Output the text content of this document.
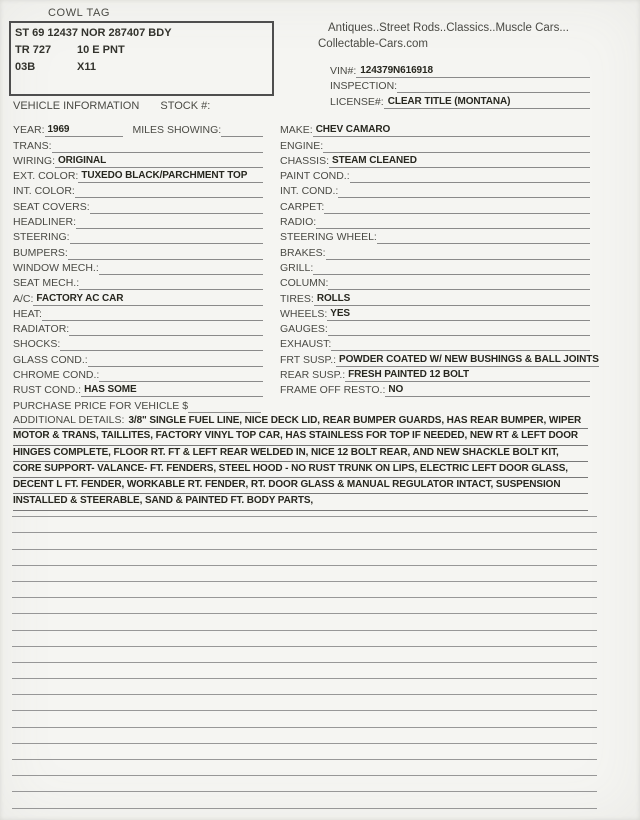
COWL TAG
ST 69 12437 NOR 287407 BDY
TR 727	10 E PNT
03B	X11
VEHICLE INFORMATION STOCK #:
Antiques..Street Rods..Classics..Muscle Cars...
Collectable-Cars.com
VIN#: 124379N616918
INSPECTION:
LICENSE#: CLEAR TITLE (MONTANA)
YEAR: 1969	MILES SHOWING:	MAKE: CHEV CAMARO
TRANS:	ENGINE:
WIRING: ORIGINAL	CHASSIS: STEAM CLEANED
EXT. COLOR: TUXEDO BLACK/PARCHMENT TOP	PAINT COND.:
INT. COLOR:	INT. COND.:
SEAT COVERS:	CARPET:
HEADLINER:	RADIO:
STEERING:	STEERING WHEEL:
BUMPERS:	BRAKES:
WINDOW MECH.:	GRILL:
SEAT MECH.:	COLUMN:
A/C: FACTORY AC CAR	TIRES: ROLLS
HEAT:	WHEELS: YES
RADIATOR:	GAUGES:
SHOCKS:	EXHAUST:
GLASS COND.:	FRT SUSP.: POWDER COATED W/ NEW BUSHINGS & BALL JOINTS
CHROME COND.:	REAR SUSP.: FRESH PAINTED 12 BOLT
RUST COND.: HAS SOME	FRAME OFF RESTO.: NO
PURCHASE PRICE FOR VEHICLE $
ADDITIONAL DETAILS: 3/8" SINGLE FUEL LINE, NICE DECK LID, REAR BUMPER GUARDS, HAS REAR BUMPER, WIPER
MOTOR & TRANS, TAILLITES, FACTORY VINYL TOP CAR, HAS STAINLESS FOR TOP IF NEEDED, NEW RT & LEFT DOOR
HINGES COMPLETE, FLOOR RT. FT & LEFT REAR WELDED IN, NICE 12 BOLT REAR, AND NEW SHACKLE BOLT KIT,
CORE SUPPORT- VALANCE- FT. FENDERS, STEEL HOOD - NO RUST TRUNK ON LIPS, ELECTRIC LEFT DOOR GLASS,
DECENT L FT. FENDER, WORKABLE RT. FENDER, RT. DOOR GLASS & MANUAL REGULATOR INTACT, SUSPENSION
INSTALLED & STEERABLE, SAND & PAINTED FT. BODY PARTS,
